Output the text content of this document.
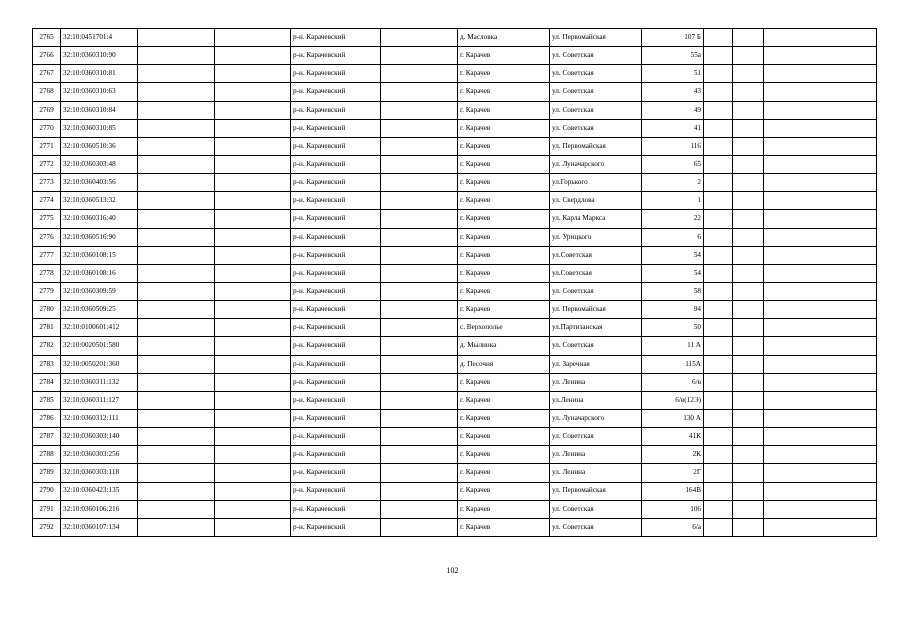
2765	32:10:0451701:4			р-н. Карачевский		д. Масловка	ул. Первомайская	107 Б			
2766	32:10:0360310:90			р-н. Карачевский		г. Карачев	ул. Советская	55а			
2767	32:10:0360310:81			р-н. Карачевский		г. Карачев	ул. Советская	51			
2768	32:10:0360310:63			р-н. Карачевский		г. Карачев	ул. Советская	43			
2769	32:10:0360310:84			р-н. Карачевский		г. Карачев	ул. Советская	49			
2770	32:10:0360310:85			р-н. Карачевский		г. Карачев	ул. Советская	41			
2771	32:10:0360510:36			р-н. Карачевский		г. Карачев	ул. Первомайская	116			
2772	32:10:0360303:48			р-н. Карачевский		г. Карачев	ул. Луначарского	65			
2773	32:10:0360403:56			р-н. Карачевский		г. Карачев	ул.Горького	2			
2774	32:10:0360513:32			р-н. Карачевский		г. Карачев	ул. Свердлова	1			
2775	32:10:0360316:40			р-н. Карачевский		г. Карачев	ул. Карла Маркса	22			
2776	32:10:0360516:90			р-н. Карачевский		г. Карачев	ул. Урицкого	6			
2777	32:10:0360108:15			р-н. Карачевский		г. Карачев	ул.Советская	54			
2778	32:10:0360108:16			р-н. Карачевский		г. Карачев	ул.Советская	54			
2779	32:10:0360309:59			р-н. Карачевский		г. Карачев	ул. Советская	58			
2780	32:10:0360509:25			р-н. Карачевский		г. Карачев	ул. Первомайская	94			
2781	32:10:0100601:412			р-н. Карачевский		с. Верхополье	ул.Партизанская	50			
2782	32:10:0020501:580			р-н. Карачевский		д. Мылинка	ул. Советская	11 А			
2783	32:10:0050201:360			р-н. Карачевский		д. Песочня	ул. Заречная	115А			
2784	32:10:0360311:132			р-н. Карачевский		г. Карачев	ул. Ленина	6/в			
2785	32:10:0360311:127			р-н. Карачевский		г. Карачев	ул.Ленина	6/в(12Э)			
2786	32:10:0360312:111			р-н. Карачевский		г. Карачев	ул. Луначарского	130 А			
2787	32:10:0360303:140			р-н. Карачевский		г. Карачев	ул. Советская	41К			
2788	32:10:0360303:256			р-н. Карачевский		г. Карачев	ул. Ленина	2К			
2789	32:10:0360303:118			р-н. Карачевский		г. Карачев	ул. Ленина	2Г			
2790	32:10:0360423:135			р-н. Карачевский		г. Карачев	ул. Первомайская	164В			
2791	32:10:0360106:216			р-н. Карачевский		г. Карачев	ул. Советская	106			
2792	32:10:0360107:134			р-н. Карачевский		г. Карачев	ул. Советская	6/а			
102
